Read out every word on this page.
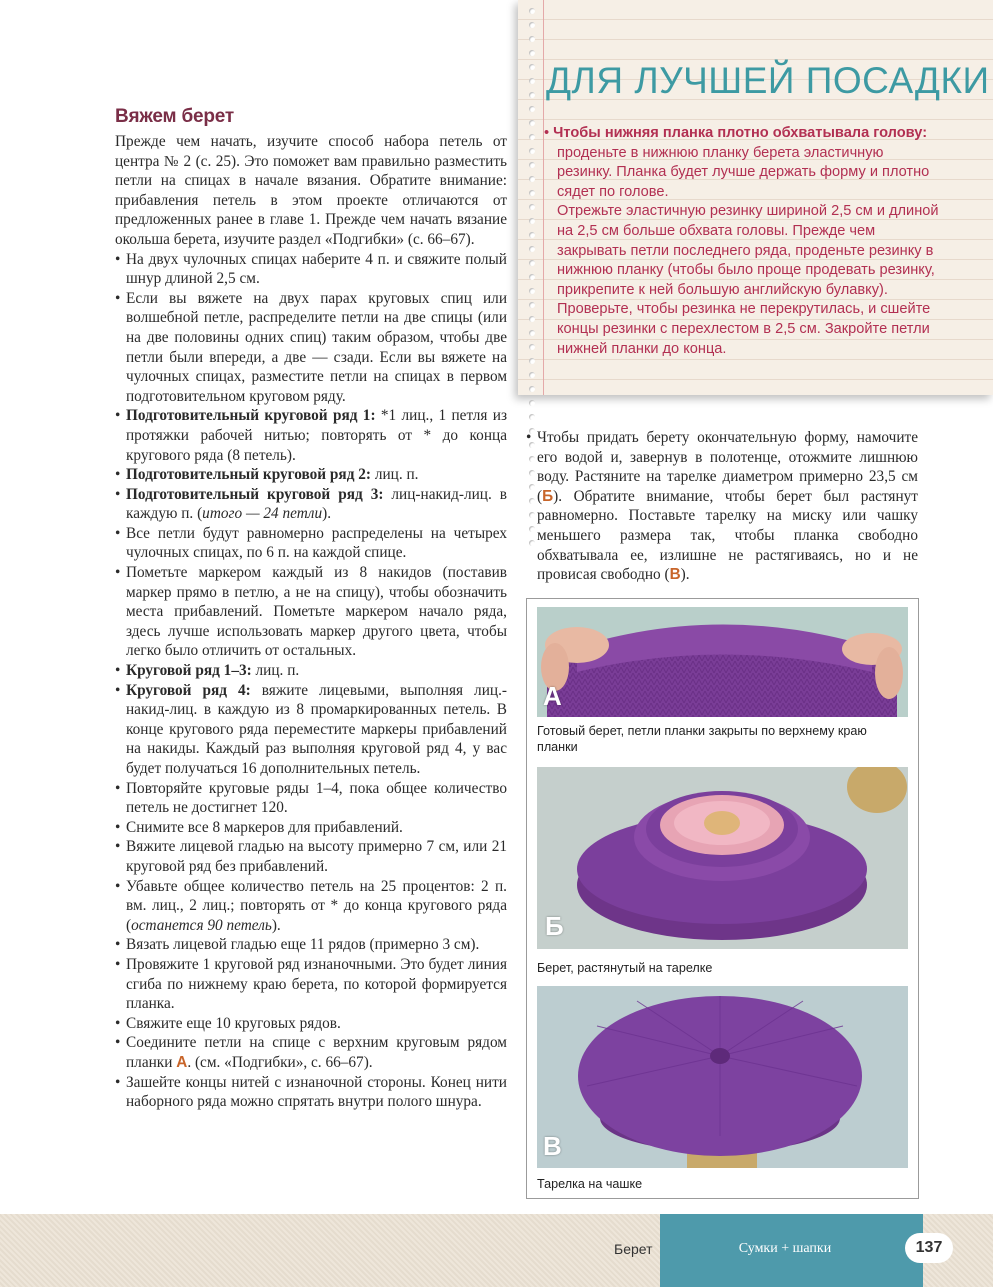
Вяжем берет

Прежде чем начать, изучите способ набора петель от центра № 2 (с. 25). Это поможет вам правильно разместить петли на спицах в начале вязания. Обратите внимание: прибавления петель в этом проекте отличаются от предложенных ранее в главе 1. Прежде чем начать вязание окольша берета, изучите раздел «Подгибки» (с. 66–67).

• На двух чулочных спицах наберите 4 п. и свяжите полый шнур длиной 2,5 см.

• Если вы вяжете на двух парах круговых спиц или волшебной петле, распределите петли на две спицы (или на две половины одних спиц) таким образом, чтобы две петли были впереди, а две — сзади. Если вы вяжете на чулочных спицах, разместите петли на спицах в первом подготовительном круговом ряду.

• Подготовительный круговой ряд 1: *1 лиц., 1 петля из протяжки рабочей нитью; повторять от * до конца кругового ряда (8 петель).

• Подготовительный круговой ряд 2: лиц. п.

• Подготовительный круговой ряд 3: лиц-накид-лиц. в каждую п. (итого — 24 петли).

• Все петли будут равномерно распределены на четырех чулочных спицах, по 6 п. на каждой спице.

• Пометьте маркером каждый из 8 накидов (поставив маркер прямо в петлю, а не на спицу), чтобы обозначить места прибавлений. Пометьте маркером начало ряда, здесь лучше использовать маркер другого цвета, чтобы легко было отличить от остальных.

• Круговой ряд 1–3: лиц. п.

• Круговой ряд 4: вяжите лицевыми, выполняя лиц.-накид-лиц. в каждую из 8 промаркированных петель. В конце кругового ряда переместите маркеры прибавлений на накиды. Каждый раз выполняя круговой ряд 4, у вас будет получаться 16 дополнительных петель.

• Повторяйте круговые ряды 1–4, пока общее количество петель не достигнет 120.

• Снимите все 8 маркеров для прибавлений.

• Вяжите лицевой гладью на высоту примерно 7 см, или 21 круговой ряд без прибавлений.

• Убавьте общее количество петель на 25 процентов: 2 п. вм. лиц., 2 лиц.; повторять от * до конца кругового ряда (останется 90 петель).

• Вязать лицевой гладью еще 11 рядов (примерно 3 см).

• Провяжите 1 круговой ряд изнаночными. Это будет линия сгиба по нижнему краю берета, по которой формируется планка.

• Свяжите еще 10 круговых рядов.

• Соедините петли на спице с верхним круговым рядом планки А. (см. «Подгибки», с. 66–67).

• Зашейте концы нитей с изнаночной стороны. Конец нити наборного ряда можно спрятать внутри полого шнура.

ДЛЯ ЛУЧШЕЙ ПОСАДКИ

• Чтобы нижняя планка плотно обхватывала голову:

проденьте в нижнюю планку берета эластичную резинку. Планка будет лучше держать форму и плотно сядет по голове.

Отрежьте эластичную резинку шириной 2,5 см и длиной на 2,5 см больше обхвата головы. Прежде чем закрывать петли последнего ряда, проденьте резинку в нижнюю планку (чтобы было проще продевать резинку, прикрепите к ней большую английскую булавку). Проверьте, чтобы резинка не перекрутилась, и сшейте концы резинки с перехлестом в 2,5 см. Закройте петли нижней планки до конца.

• Чтобы придать берету окончательную форму, намочите его водой и, завернув в полотенце, отожмите лишнюю воду. Растяните на тарелке диаметром примерно 23,5 см (Б). Обратите внимание, чтобы берет был растянут равномерно. Поставьте тарелку на миску или чашку меньшего размера так, чтобы планка свободно обхватывала ее, излишне не растягиваясь, но и не провисая свободно (В).

А
Готовый берет, петли планки закрыты по верхнему краю планки
Б
Берет, растянутый на тарелке
В
Тарелка на чашке
Берет	Сумки + шапки	137
